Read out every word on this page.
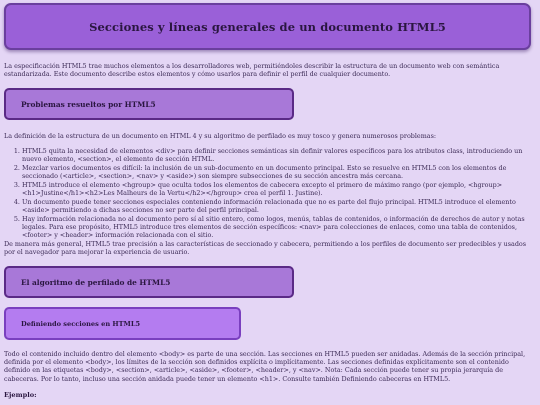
Secciones y líneas generales de un documento HTML5

La especificación HTML5 trae muchos elementos a los desarrolladores web, permitiéndoles describir la estructura de un documento web con semántica estandarizada. Este documento describe estos elementos y cómo usarlos para definir el perfil de cualquier documento.

Problemas resueltos por HTML5

La definición de la estructura de un documento en HTML 4 y su algoritmo de perfilado es muy tosco y genera numerosos problemas:

1. HTML5 quita la necesidad de elementos <div> para definir secciones semánticas sin definir valores específicos para los atributos class, introduciendo un nuevo elemento, <section>, el elemento de sección HTML.
2. Mezclar varios documentos es difícil: la inclusión de un sub-documento en un documento principal. Esto se resuelve en HTML5 con los elementos de seccionado (<article>, <section>, <nav> y <aside>) son siempre subsecciones de su sección ancestra más cercana.
3. HTML5 introduce el elemento <hgroup> que oculta todos los elementos de cabecera excepto el primero de máximo rango (por ejemplo, <hgroup><h1>Justine</h1><h2>Les Malheurs de la Vertu</h2></hgroup> crea el perfil 1. Justine).
4. Un documento puede tener secciones especiales conteniendo información relacionada que no es parte del flujo principal. HTML5 introduce el elemento <aside> permitiendo a dichas secciones no ser parte del perfil principal.
5. Hay información relacionada no al documento pero sí al sitio entero, como logos, menús, tablas de contenidos, o información de derechos de autor y notas legales. Para ese propósito, HTML5 introduce tres elementos de sección específicos: <nav> para colecciones de enlaces, como una tabla de contenidos, <footer> y <header> información relacionada con el sitio.

De manera más general, HTML5 trae precisión a las características de seccionado y cabecera, permitiendo a los perfiles de documento ser predecibles y usados por el navegador para mejorar la experiencia de usuario.

El algoritmo de perfilado de HTML5
Definiendo secciones en HTML5

Todo el contenido incluido dentro del elemento <body> es parte de una sección. Las secciones en HTML5 pueden ser anidadas. Además de la sección principal, definida por el elemento <body>, los límites de la sección son definidos explícita o implícitamente. Las secciones definidas explícitamente son el contenido definido en las etiquetas <body>, <section>, <article>, <aside>, <footer>, <header>, y <nav>. Nota: Cada sección puede tener su propia jerarquía de cabeceras. Por lo tanto, incluso una sección anidada puede tener un elemento <h1>. Consulte también Definiendo cabeceras en HTML5.

Ejemplo:
